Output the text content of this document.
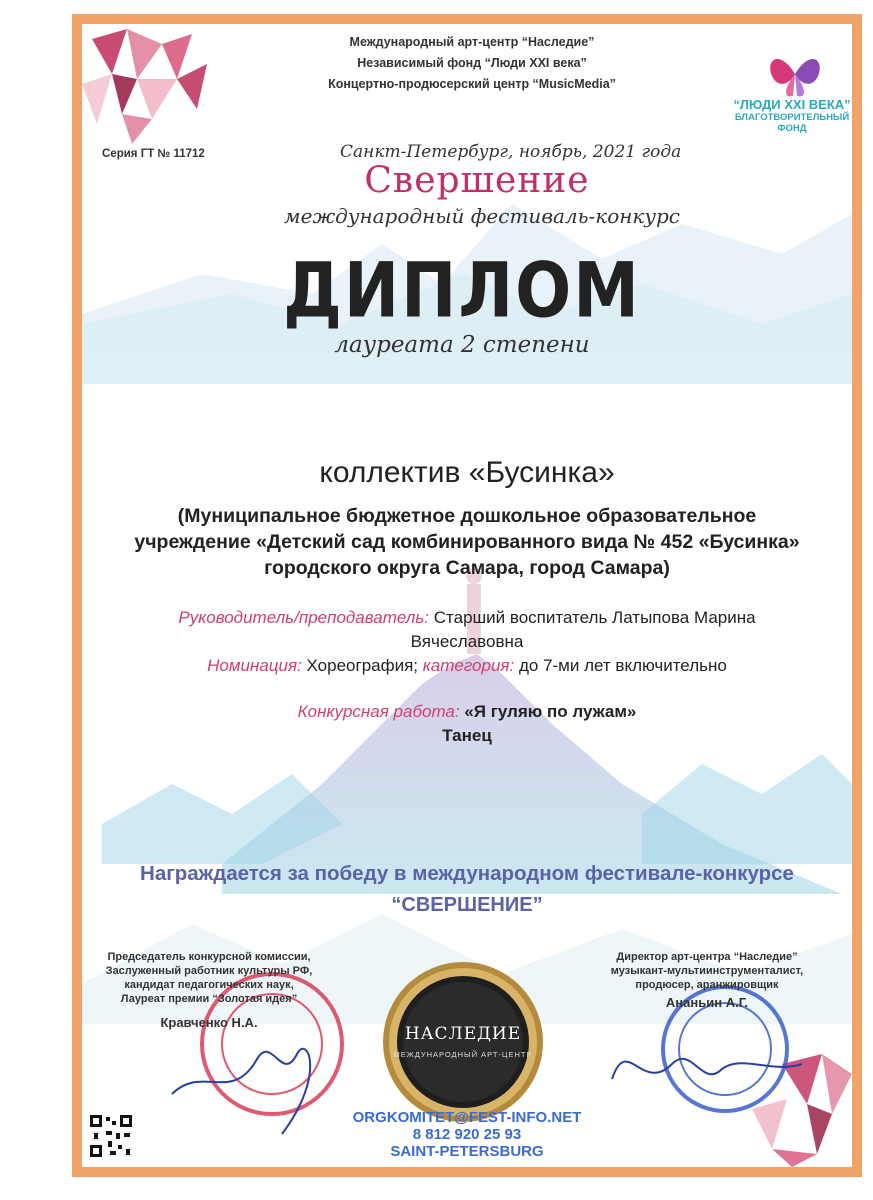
Международный арт-центр “Наследие”
Независимый фонд “Люди XXI века”
Концертно-продюсерский центр “MusicMedia”
Серия ГТ № 11712
“ЛЮДИ XXI ВЕКА”
БЛАГОТВОРИТЕЛЬНЫЙ
ФОНД
Санкт-Петербург, ноябрь, 2021 года
Свершение
международный фестиваль-конкурс
ДИПЛОМ
лауреата 2 степени
коллектив «Бусинка»
(Муниципальное бюджетное дошкольное образовательное
учреждение «Детский сад комбинированного вида № 452 «Бусинка»
городского округа Самара, город Самара)
Руководитель/преподаватель: Старший воспитатель Латыпова Марина
Вячеславовна
Номинация: Хореография; категория: до 7-ми лет включительно
Конкурсная работа: «Я гуляю по лужам»
Танец
Награждается за победу в международном фестивале-конкурсе
“СВЕРШЕНИЕ”
Председатель конкурсной комиссии,
Заслуженный работник культуры РФ,
кандидат педагогических наук,
Лауреат премии “Золотая идея”
Кравченко Н.А.
Директор арт-центра “Наследие”
музыкант-мультиинструменталист,
продюсер, аранжировщик
Ананьин А.Г.
НАСЛЕДИЕ
МЕЖДУНАРОДНЫЙ АРТ-ЦЕНТР
ORGKOMITET@FEST-INFO.NET
8 812 920 25 93
SAINT-PETERSBURG
